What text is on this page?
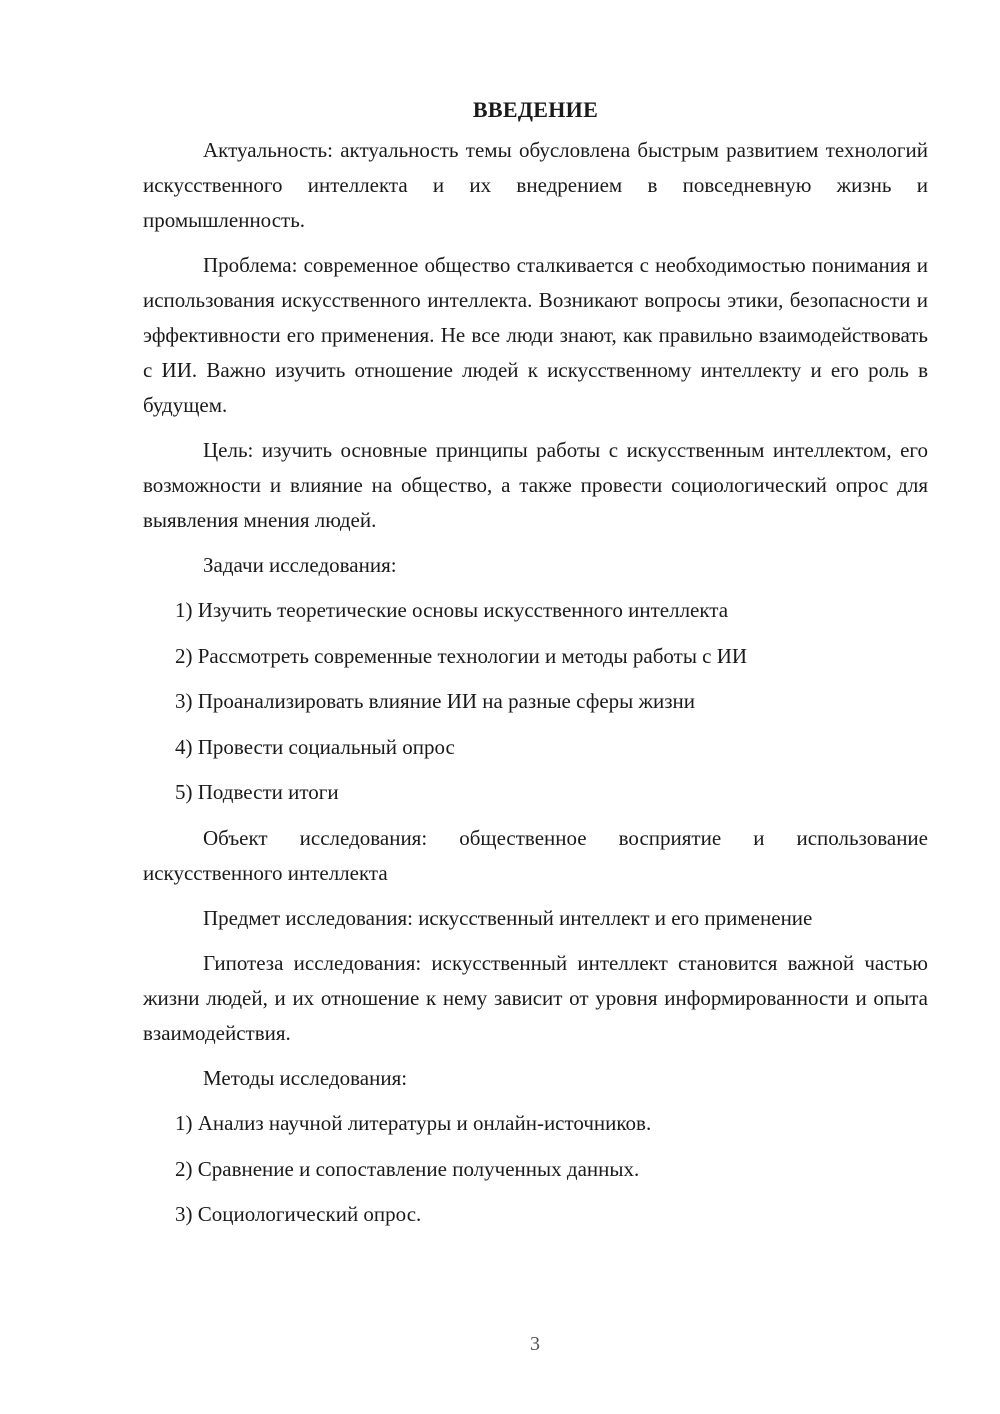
ВВЕДЕНИЕ

Актуальность: актуальность темы обусловлена быстрым развитием технологий искусственного интеллекта и их внедрением в повседневную жизнь и промышленность.

Проблема: современное общество сталкивается с необходимостью понимания и использования искусственного интеллекта. Возникают вопросы этики, безопасности и эффективности его применения. Не все люди знают, как правильно взаимодействовать с ИИ. Важно изучить отношение людей к искусственному интеллекту и его роль в будущем.

Цель: изучить основные принципы работы с искусственным интеллектом, его возможности и влияние на общество, а также провести социологический опрос для выявления мнения людей.

Задачи исследования:

1) Изучить теоретические основы искусственного интеллекта
2) Рассмотреть современные технологии и методы работы с ИИ
3) Проанализировать влияние ИИ на разные сферы жизни
4) Провести социальный опрос
5) Подвести итоги

Объект исследования: общественное восприятие и использование искусственного интеллекта

Предмет исследования: искусственный интеллект и его применение

Гипотеза исследования: искусственный интеллект становится важной частью жизни людей, и их отношение к нему зависит от уровня информированности и опыта взаимодействия.

Методы исследования:

1) Анализ научной литературы и онлайн-источников.
2) Сравнение и сопоставление полученных данных.
3) Социологический опрос.
3
